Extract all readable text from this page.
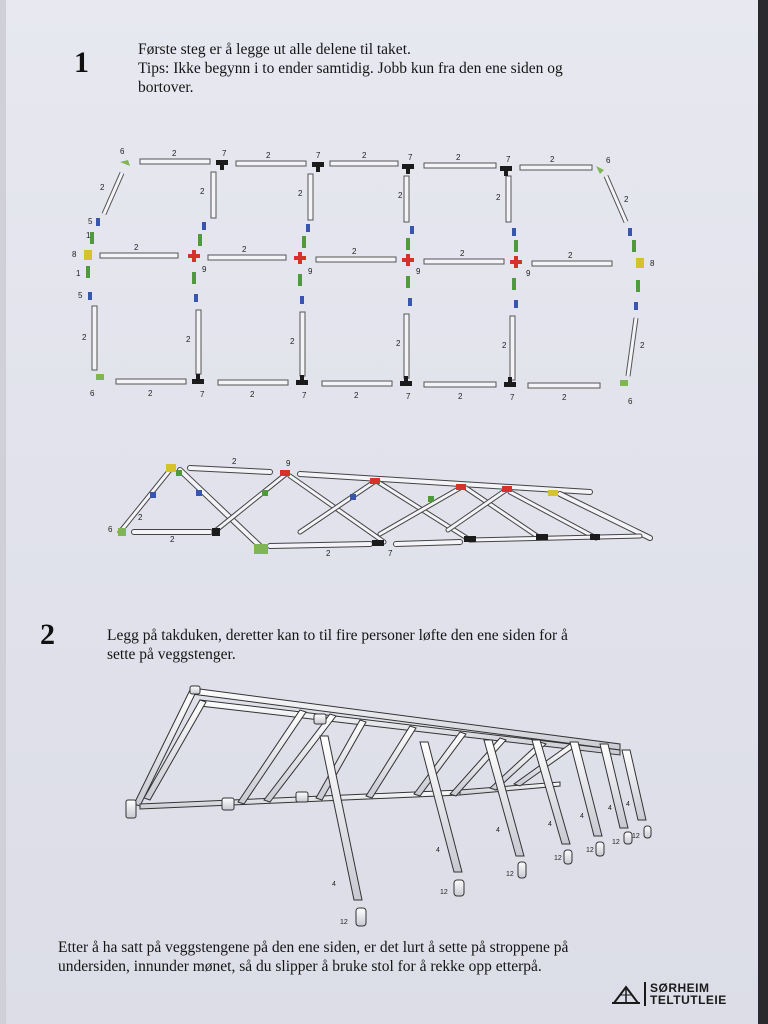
1	Første steg er å legge ut alle delene til taket.
Tips: Ikke begynn i to ender samtidig. Jobb kun fra den ene siden og
bortover.
2	Legg på takduken, deretter kan to til fire personer løfte den ene siden for å
sette på veggstenger.
Etter å ha satt på veggstengene på den ene siden, er det lurt å sette på stroppene på
undersiden, innunder mønet, så du slipper å bruke stol for å rekke opp etterpå.
6	2	7	2	7	2	7	2	7	2	6
2	2	2	2	2	2
5
1
8
1
5
2	2	2	2	2
9	9	9	9
8
2	2	2	2	2	2
6	2	7	2	7	2	7	2	7	2	6
2	9
6
2
2	7
2
4
12
4
12
4
12
4
12
4
12
4
12
4
12
SØRHEIM
TELTUTLEIE
